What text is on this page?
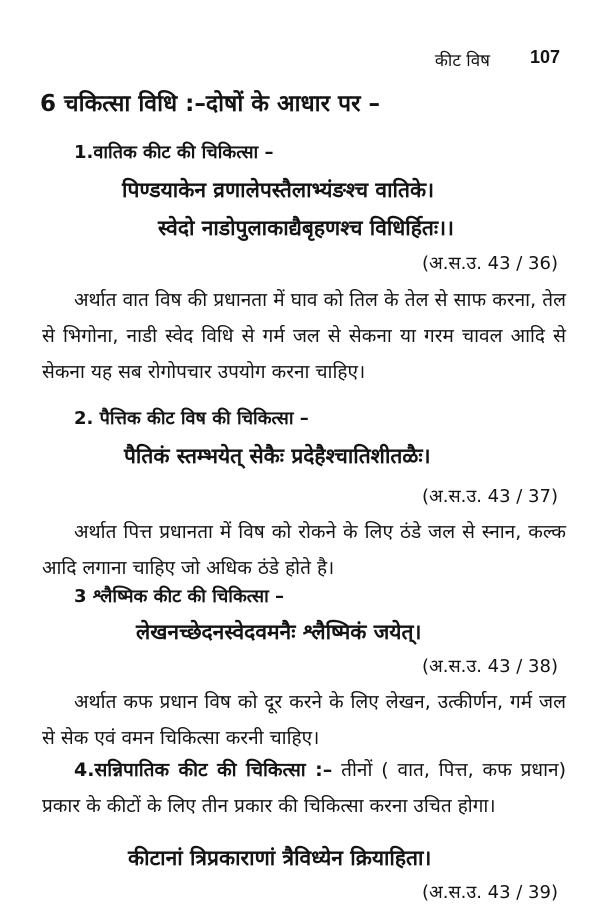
कीट विष 107
6 चकित्सा विधि :–दोषों के आधार पर –
1.वातिक कीट की चिकित्सा –
पिण्डयाकेन व्रणालेपस्तैलाभ्यंङश्च वातिके।
स्वेदो नाडोपुलाकाद्यैबृहणश्च विधिर्हितः।।
(अ.स.उ. 43 / 36)
अर्थात वात विष की प्रधानता में घाव को तिल के तेल से साफ करना, तेल से भिगोना, नाडी स्वेद विधि से गर्म जल से सेकना या गरम चावल आदि से सेकना यह सब रोगोपचार उपयोग करना चाहिए।
2. पैत्तिक कीट विष की चिकित्सा –
पैतिकं स्तम्भयेत् सेकैः प्रदेहैश्चातिशीतळैः।
(अ.स.उ. 43 / 37)
अर्थात पित्त प्रधानता में विष को रोकने के लिए ठंडे जल से स्नान, कल्क आदि लगाना चाहिए जो अधिक ठंडे होते है।
3 श्लैष्मिक कीट की चिकित्सा –
लेखनच्छेदनस्वेदवमनैः श्लैष्मिकं जयेत्।
(अ.स.उ. 43 / 38)
अर्थात कफ प्रधान विष को दूर करने के लिए लेखन, उत्कीर्णन, गर्म जल से सेक एवं वमन चिकित्सा करनी चाहिए।
4.सन्निपातिक कीट की चिकित्सा :– तीनों ( वात, पित्त, कफ प्रधान) प्रकार के कीटों के लिए तीन प्रकार की चिकित्सा करना उचित होगा।
कीटानां त्रिप्रकाराणां त्रैविध्येन क्रियाहिता।
(अ.स.उ. 43 / 39)
